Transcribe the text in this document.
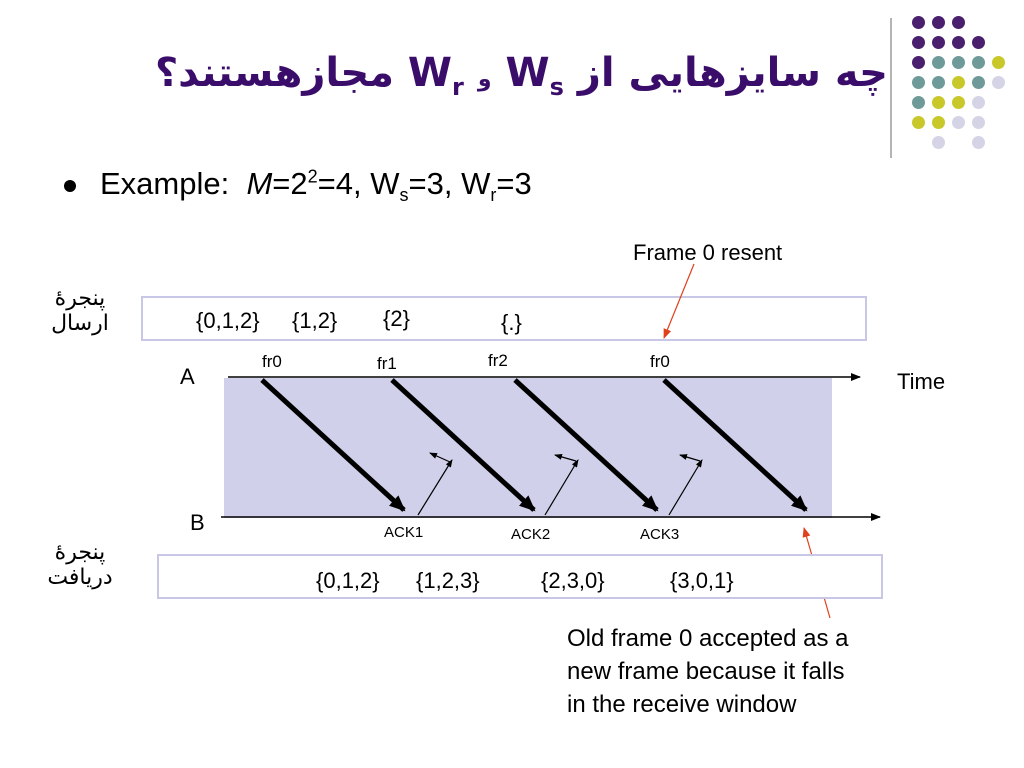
چه سایزهایی از $W_s$ و $W_r$ مجازهستند؟
Example: $M=2^2=4$, $W_s=3$, $W_r=3$
پنجرهٔ
ارسال	{0,1,2} {1,2} {2}	{.}
Frame 0 resent
A
B
Time
fr0	fr1	fr2	fr0
ACK1	ACK2	ACK3
پنجرهٔ
دریافت	{0,1,2} {1,2,3}	{2,3,0}	{3,0,1}
Old frame 0 accepted as a
new frame because it falls
in the receive window
